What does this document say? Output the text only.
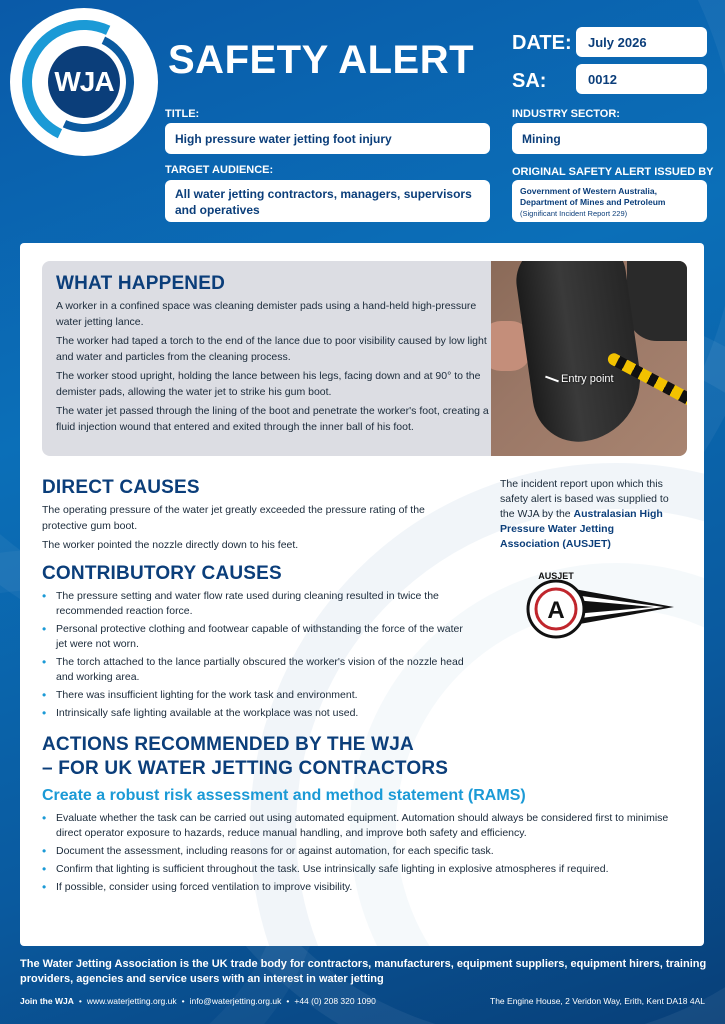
WJA SAFETY ALERT DATE:	July 2026
SA:	0012
TITLE:
High pressure water jetting foot injury
TARGET AUDIENCE:
All water jetting contractors, managers, supervisors and operatives
INDUSTRY SECTOR:
Mining
ORIGINAL SAFETY ALERT ISSUED BY
Government of Western Australia,
Department of Mines and Petroleum
(Significant Incident Report 229)
WHAT HAPPENED

A worker in a confined space was cleaning demister pads using a hand-held high-pressure water jetting lance.

The worker had taped a torch to the end of the lance due to poor visibility caused by low light and water and particles from the cleaning process.

The worker stood upright, holding the lance between his legs, facing down and at 90° to the demister pads, allowing the water jet to strike his gum boot.

The water jet passed through the lining of the boot and penetrate the worker's foot, creating a fluid injection wound that entered and exited through the inner ball of his foot.

Entry point
DIRECT CAUSES

The operating pressure of the water jet greatly exceeded the pressure rating of the protective gum boot.

The worker pointed the nozzle directly down to his feet.

CONTRIBUTORY CAUSES
• The pressure setting and water flow rate used during cleaning resulted in twice the recommended reaction force.
• Personal protective clothing and footwear capable of withstanding the force of the water jet were not worn.
• The torch attached to the lance partially obscured the worker's vision of the nozzle head and working area.
• There was insufficient lighting for the work task and environment.
• Intrinsically safe lighting available at the workplace was not used.
The incident report upon which this safety alert is based was supplied to the WJA by the Australasian High Pressure Water Jetting Association (AUSJET)
A
AUSJET
ACTIONS RECOMMENDED BY THE WJA
– FOR UK WATER JETTING CONTRACTORS
Create a robust risk assessment and method statement (RAMS)
• Evaluate whether the task can be carried out using automated equipment. Automation should always be considered first to minimise direct operator exposure to hazards, reduce manual handling, and improve both safety and efficiency.
• Document the assessment, including reasons for or against automation, for each specific task.
• Confirm that lighting is sufficient throughout the task. Use intrinsically safe lighting in explosive atmospheres if required.
• If possible, consider using forced ventilation to improve visibility.
The Water Jetting Association is the UK trade body for contractors, manufacturers, equipment suppliers, equipment hirers, training providers, agencies and service users with an interest in water jetting
Join the WJA • www.waterjetting.org.uk • info@waterjetting.org.uk • +44 (0) 208 320 1090	The Engine House, 2 Veridon Way, Erith, Kent DA18 4AL
